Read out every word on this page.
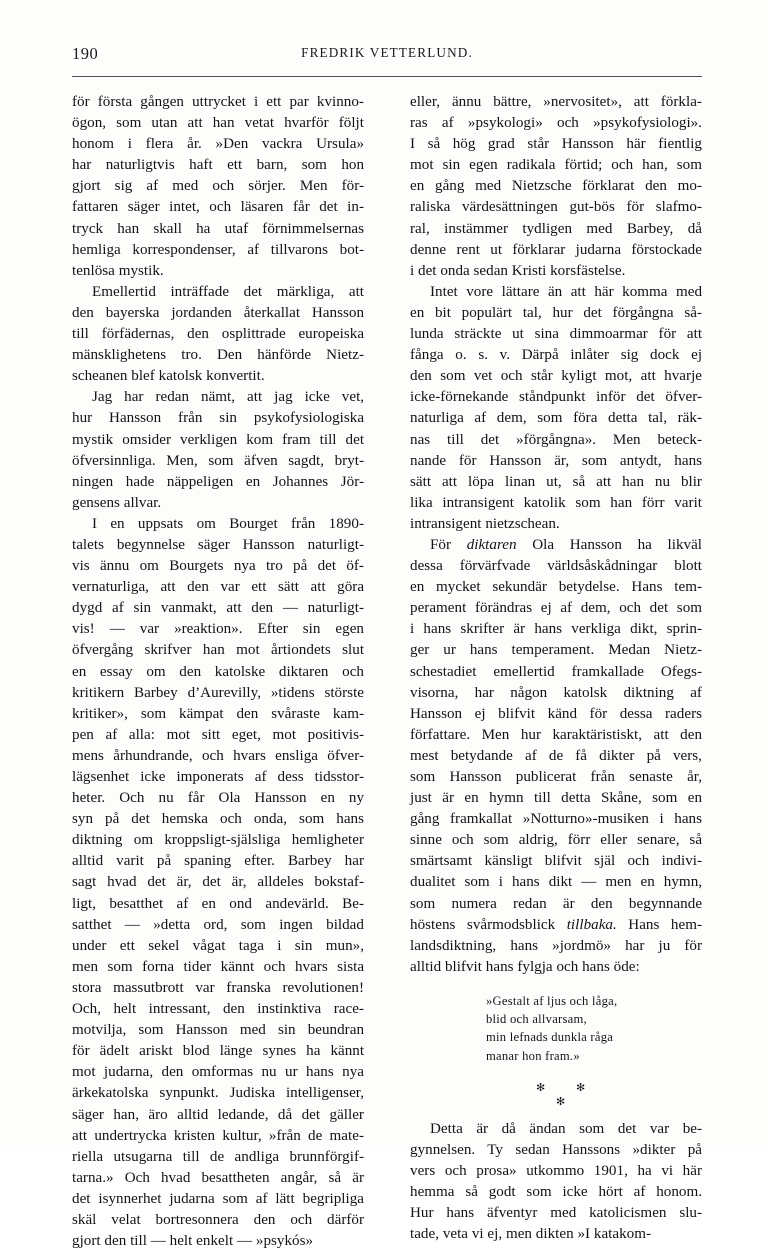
190	FREDRIK VETTERLUND.
för första gången uttrycket i ett par kvinno-
ögon, som utan att han vetat hvarför följt
honom i flera år. »Den vackra Ursula»
har naturligtvis haft ett barn, som hon
gjort sig af med och sörjer. Men för-
fattaren säger intet, och läsaren får det in-
tryck han skall ha utaf förnimmelsernas
hemliga korrespondenser, af tillvarons bot-
tenlösa mystik.
Emellertid inträffade det märkliga, att
den bayerska jordanden återkallat Hansson
till förfädernas, den osplittrade europeiska
mänsklighetens tro. Den hänförde Nietz-
scheanen blef katolsk konvertit.
Jag har redan nämt, att jag icke vet,
hur Hansson från sin psykofysiologiska
mystik omsider verkligen kom fram till det
öfversinnliga. Men, som äfven sagdt, bryt-
ningen hade näppeligen en Johannes Jör-
gensens allvar.
I en uppsats om Bourget från 1890-
talets begynnelse säger Hansson naturligt-
vis ännu om Bourgets nya tro på det öf-
vernaturliga, att den var ett sätt att göra
dygd af sin vanmakt, att den — naturligt-
vis! — var »reaktion». Efter sin egen
öfvergång skrifver han mot årtiondets slut
en essay om den katolske diktaren och
kritikern Barbey d’Aurevilly, »tidens störste
kritiker», som kämpat den svåraste kam-
pen af alla: mot sitt eget, mot positivis-
mens århundrande, och hvars ensliga öfver-
lägsenhet icke imponerats af dess tidsstor-
heter. Och nu får Ola Hansson en ny
syn på det hemska och onda, som hans
diktning om kroppsligt-själsliga hemligheter
alltid varit på spaning efter. Barbey har
sagt hvad det är, det är, alldeles bokstaf-
ligt, besatthet af en ond andevärld. Be-
satthet — »detta ord, som ingen bildad
under ett sekel vågat taga i sin mun»,
men som forna tider kännt och hvars sista
stora massutbrott var franska revolutionen!
Och, helt intressant, den instinktiva race-
motvilja, som Hansson med sin beundran
för ädelt ariskt blod länge synes ha kännt
mot judarna, den omformas nu ur hans nya
ärkekatolska synpunkt. Judiska intelligenser,
säger han, äro alltid ledande, då det gäller
att undertrycka kristen kultur, »från de mate-
riella utsugarna till de andliga brunnförgif-
tarna.» Och hvad besattheten angår, så är
det isynnerhet judarna som af lätt begripliga
skäl velat bortresonnera den och därför
gjort den till — helt enkelt — »psykós»
eller, ännu bättre, »nervositet», att förkla-
ras af »psykologi» och »psykofysiologi».
I så hög grad står Hansson här fientlig
mot sin egen radikala förtid; och han, som
en gång med Nietzsche förklarat den mo-
raliska värdesättningen gut-bös för slafmo-
ral, instämmer tydligen med Barbey, då
denne rent ut förklarar judarna förstockade
i det onda sedan Kristi korsfästelse.
Intet vore lättare än att här komma med
en bit populärt tal, hur det förgångna så-
lunda sträckte ut sina dimmoarmar för att
fånga o. s. v. Därpå inlåter sig dock ej
den som vet och står kyligt mot, att hvarje
icke-förnekande ståndpunkt inför det öfver-
naturliga af dem, som föra detta tal, räk-
nas till det »förgångna». Men beteck-
nande för Hansson är, som antydt, hans
sätt att löpa linan ut, så att han nu blir
lika intransigent katolik som han förr varit
intransigent nietzschean.
För diktaren Ola Hansson ha likväl
dessa förvärfvade världsåskådningar blott
en mycket sekundär betydelse. Hans tem-
perament förändras ej af dem, och det som
i hans skrifter är hans verkliga dikt, sprin-
ger ur hans temperament. Medan Nietz-
schestadiet emellertid framkallade Ofegs-
visorna, har någon katolsk diktning af
Hansson ej blifvit känd för dessa raders
författare. Men hur karaktäristiskt, att den
mest betydande af de få dikter på vers,
som Hansson publicerat från senaste år,
just är en hymn till detta Skåne, som en
gång framkallat »Notturno»-musiken i hans
sinne och som aldrig, förr eller senare, så
smärtsamt känsligt blifvit själ och indivi-
dualitet som i hans dikt — men en hymn,
som numera redan är den begynnande
höstens svårmodsblick tillbaka. Hans hem-
landsdiktning, hans »jordmö» har ju för
alltid blifvit hans fylgja och hans öde:
»Gestalt af ljus och låga,
blid och allvarsam,
min lefnads dunkla råga
manar hon fram.»
✻	✻
✻
Detta är då ändan som det var be-
gynnelsen. Ty sedan Hanssons »dikter på
vers och prosa» utkommo 1901, ha vi här
hemma så godt som icke hört af honom.
Hur hans äfventyr med katolicismen slu-
tade, veta vi ej, men dikten »I katakom-
